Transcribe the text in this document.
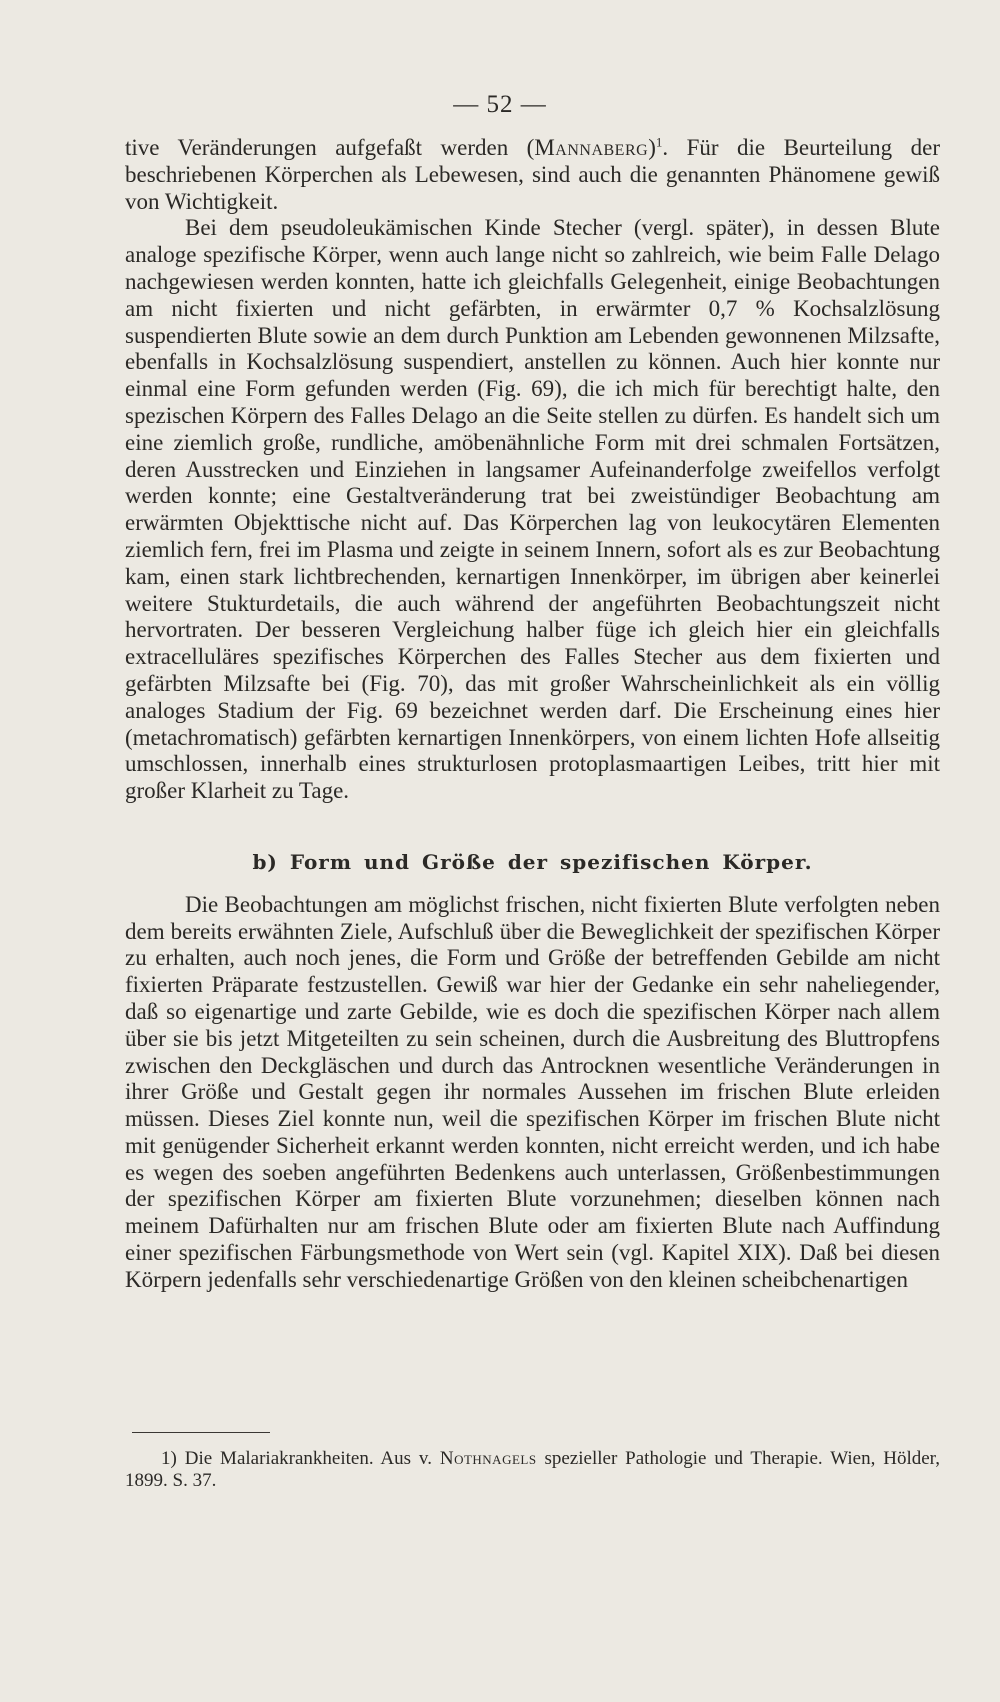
— 52 —

tive Veränderungen aufgefaßt werden (Mannaberg)$^1$. Für die Beurteilung der beschriebenen Körperchen als Lebewesen, sind auch die genannten Phänomene gewiß von Wichtigkeit.

Bei dem pseudoleukämischen Kinde Stecher (vergl. später), in dessen Blute analoge spezifische Körper, wenn auch lange nicht so zahlreich, wie beim Falle Delago nachgewiesen werden konnten, hatte ich gleichfalls Gelegenheit, einige Beobachtungen am nicht fixierten und nicht gefärbten, in erwärmter 0,7 % Kochsalzlösung suspendierten Blute sowie an dem durch Punktion am Lebenden gewonnenen Milzsafte, ebenfalls in Kochsalzlösung suspendiert, anstellen zu können. Auch hier konnte nur einmal eine Form gefunden werden (Fig. 69), die ich mich für berechtigt halte, den spezischen Körpern des Falles Delago an die Seite stellen zu dürfen. Es handelt sich um eine ziemlich große, rundliche, amöbenähnliche Form mit drei schmalen Fortsätzen, deren Ausstrecken und Einziehen in langsamer Aufeinanderfolge zweifellos verfolgt werden konnte; eine Gestaltveränderung trat bei zweistündiger Beobachtung am erwärmten Objekttische nicht auf. Das Körperchen lag von leukocytären Elementen ziemlich fern, frei im Plasma und zeigte in seinem Innern, sofort als es zur Beobachtung kam, einen stark lichtbrechenden, kernartigen Innenkörper, im übrigen aber keinerlei weitere Stukturdetails, die auch während der angeführten Beobachtungszeit nicht hervortraten. Der besseren Vergleichung halber füge ich gleich hier ein gleichfalls extracelluläres spezifisches Körperchen des Falles Stecher aus dem fixierten und gefärbten Milzsafte bei (Fig. 70), das mit großer Wahrscheinlichkeit als ein völlig analoges Stadium der Fig. 69 bezeichnet werden darf. Die Erscheinung eines hier (metachromatisch) gefärbten kernartigen Innenkörpers, von einem lichten Hofe allseitig umschlossen, innerhalb eines strukturlosen protoplasmaartigen Leibes, tritt hier mit großer Klarheit zu Tage.

b) Form und Größe der spezifischen Körper.

Die Beobachtungen am möglichst frischen, nicht fixierten Blute verfolgten neben dem bereits erwähnten Ziele, Aufschluß über die Beweglichkeit der spezifischen Körper zu erhalten, auch noch jenes, die Form und Größe der betreffenden Gebilde am nicht fixierten Präparate festzustellen. Gewiß war hier der Gedanke ein sehr naheliegender, daß so eigenartige und zarte Gebilde, wie es doch die spezifischen Körper nach allem über sie bis jetzt Mitgeteilten zu sein scheinen, durch die Ausbreitung des Bluttropfens zwischen den Deckgläschen und durch das Antrocknen wesentliche Veränderungen in ihrer Größe und Gestalt gegen ihr normales Aussehen im frischen Blute erleiden müssen. Dieses Ziel konnte nun, weil die spezifischen Körper im frischen Blute nicht mit genügender Sicherheit erkannt werden konnten, nicht erreicht werden, und ich habe es wegen des soeben angeführten Bedenkens auch unterlassen, Größenbestimmungen der spezifischen Körper am fixierten Blute vorzunehmen; dieselben können nach meinem Dafürhalten nur am frischen Blute oder am fixierten Blute nach Auffindung einer spezifischen Färbungsmethode von Wert sein (vgl. Kapitel XIX). Daß bei diesen Körpern jedenfalls sehr verschiedenartige Größen von den kleinen scheibchenartigen

1) Die Malariakrankheiten. Aus v. Nothnagels spezieller Pathologie und Therapie. Wien, Hölder, 1899. S. 37.
